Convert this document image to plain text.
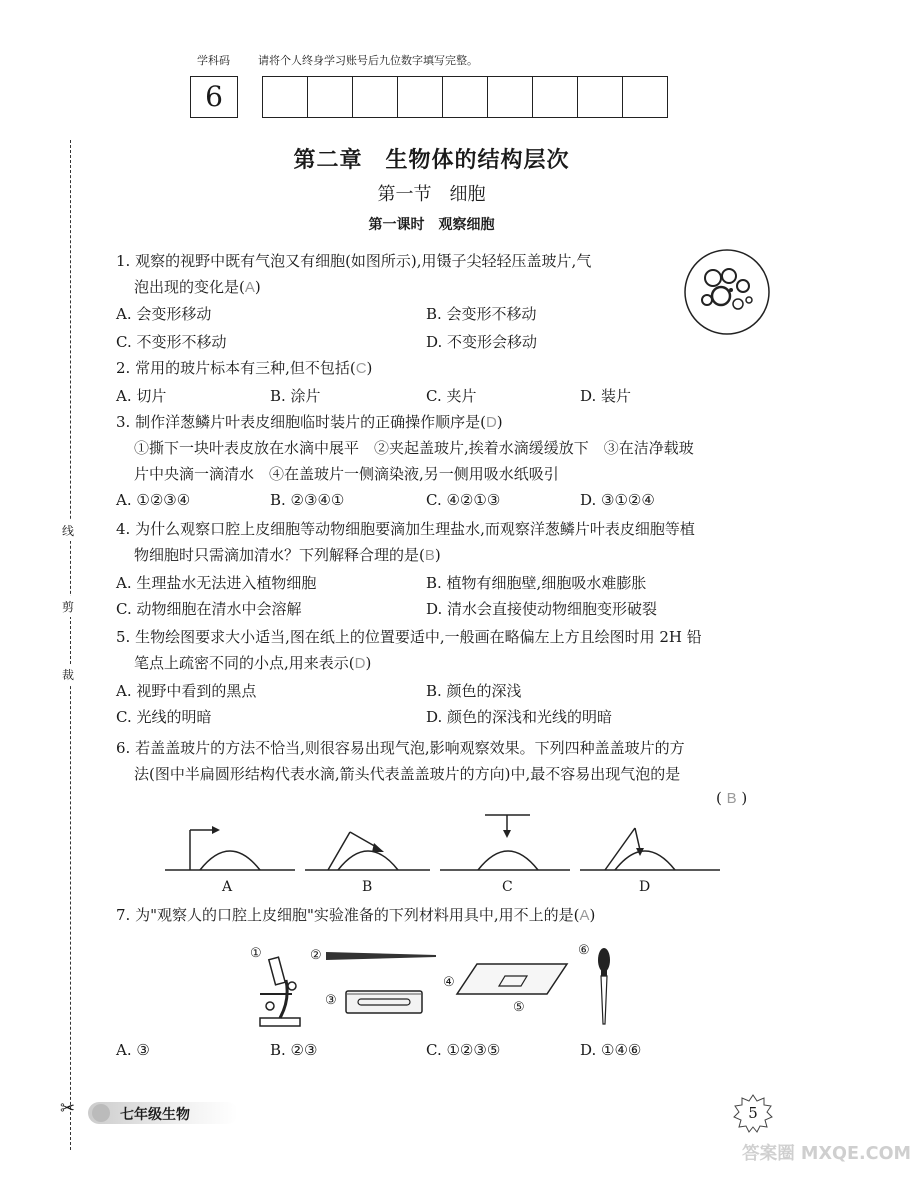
学科码	请将个人终身学习账号后九位数字填写完整。
6
线
剪
裁
✂
第二章　生物体的结构层次
第一节　细胞
第一课时　观察细胞
1. 观察的视野中既有气泡又有细胞(如图所示),用镊子尖轻轻压盖玻片,气
泡出现的变化是(A)
A. 会变形移动	B. 会变形不移动
C. 不变形不移动	D. 不变形会移动
2. 常用的玻片标本有三种,但不包括(C)
A. 切片	B. 涂片	C. 夹片	D. 装片
3. 制作洋葱鳞片叶表皮细胞临时装片的正确操作顺序是(D)
①撕下一块叶表皮放在水滴中展平　②夹起盖玻片,挨着水滴缓缓放下　③在洁净载玻
片中央滴一滴清水　④在盖玻片一侧滴染液,另一侧用吸水纸吸引
A. ①②③④	B. ②③④①	C. ④②①③	D. ③①②④
4. 为什么观察口腔上皮细胞等动物细胞要滴加生理盐水,而观察洋葱鳞片叶表皮细胞等植
物细胞时只需滴加清水？下列解释合理的是(B)
A. 生理盐水无法进入植物细胞	B. 植物有细胞壁,细胞吸水难膨胀
C. 动物细胞在清水中会溶解	D. 清水会直接使动物细胞变形破裂
5. 生物绘图要求大小适当,图在纸上的位置要适中,一般画在略偏左上方且绘图时用 2H 铅
笔点上疏密不同的小点,用来表示(D)
A. 视野中看到的黑点	B. 颜色的深浅
C. 光线的明暗	D. 颜色的深浅和光线的明暗
6. 若盖盖玻片的方法不恰当,则很容易出现气泡,影响观察效果。下列四种盖盖玻片的方
法(图中半扁圆形结构代表水滴,箭头代表盖盖玻片的方向)中,最不容易出现气泡的是
( B )
A	B	C	D
7. 为"观察人的口腔上皮细胞"实验准备的下列材料用具中,用不上的是(A)
①	②
③
④
⑤
⑥
A. ③	B. ②③	C. ①②③⑤	D. ①④⑥
七年级生物	5
答案圈 MXQE.COM
